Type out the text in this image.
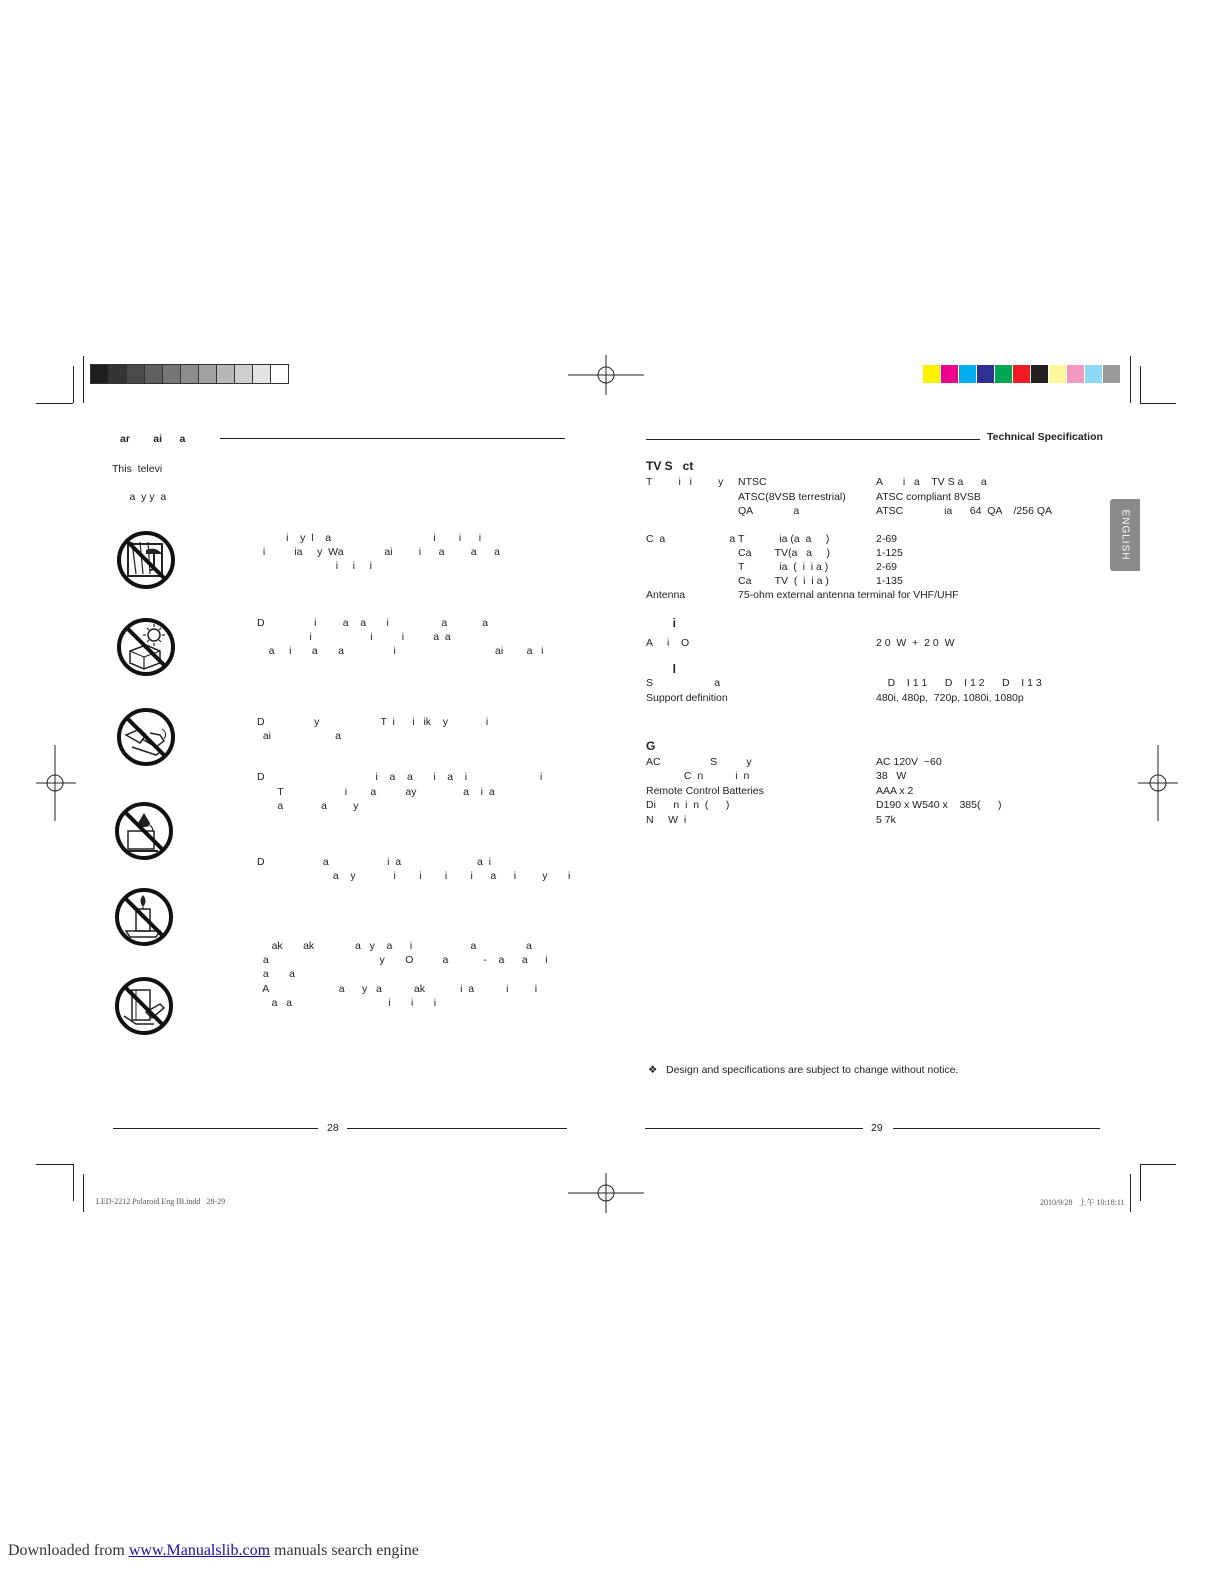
ar        ai      a
This  televi
a  y y  a
i    y  l    a                                   i        i      i
i          ia     y  Wa              ai         i      a         a      a
i     i     i
D                 i         a    a       i                  a            a
i                    i          i          a  a
a     i       a       a                 i                                  ai        a   i
D                 y                     T  i      i   ik    y             i
ai                      a
D                                      i    a    a       i    a    i                         i
T                     i        a          ay                a    i  a
a             a         y
D                    a                    i  a                          a  i
a    y             i        i        i        i      a      i         y       i
ak       ak              a   y    a      i                    a                 a
a                                      y       O          a            -    a      a      i
a       a
A                        a      y   a           ak            i  a           i         i
a   a                                 i       i       i
28
Technical Specification
ENGLISH
TV S   ct
T         i   i         y NTSC	A       i   a    TV S a      a
ATSC(8VSB terrestrial)	ATSC compliant 8VSB
QA              a	ATSC              ia      64  QA    /256 QA
C  a                      a T            ia (a  a     )	2-69
Ca        TV(a   a     )	1-125
T            ia  (  i  i a )	2-69
Ca        TV  (  i  i a )	1-135
Antenna	75-ohm external antenna terminal for VHF/UHF
i
A     i    O	2 0  W  +  2 0  W
l
S                     a	D    I 1 1      D    I 1 2      D    I 1 3
Support definition	480i, 480p,  720p, 1080i, 1080p
G
AC                 S          y	AC 120V  ~60
C  n           i  n	38   W
Remote Control Batteries	AAA x 2
Di      n  i  n  (      )	D190 x W540 x    385(      )
N     W  i	5 7k
❖ Design and specifications are subject to change without notice.
29
LED-2212 Polaroid Eng IB.indd   28-29	2010/9/28   上午 10:18:11
Downloaded from www.Manualslib.com manuals search engine
